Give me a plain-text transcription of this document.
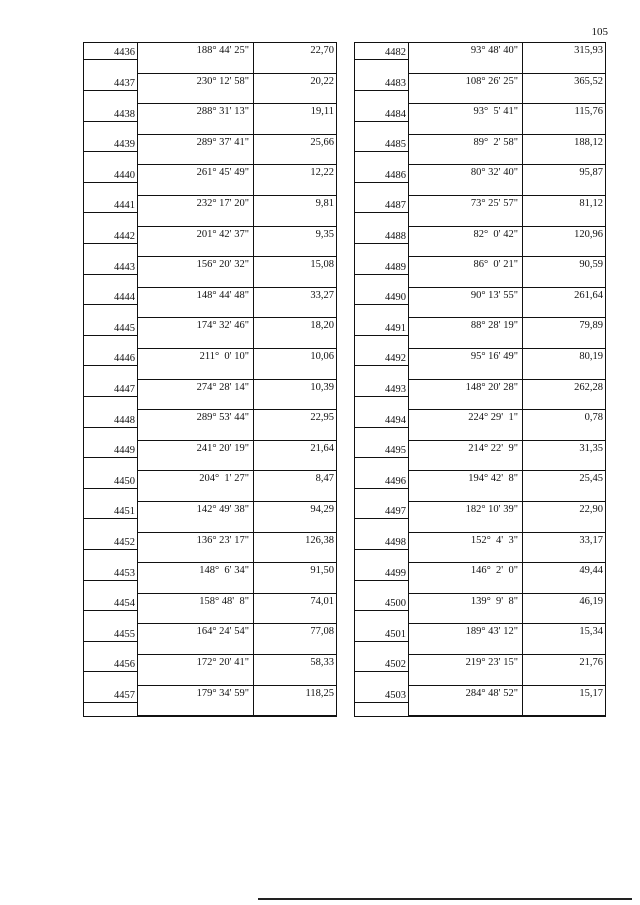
105
4436	188° 44' 25"	22,70
4437	230° 12' 58"	20,22
4438	288° 31' 13"	19,11
4439	289° 37' 41"	25,66
4440	261° 45' 49"	12,22
4441	232° 17' 20"	9,81
4442	201° 42' 37"	9,35
4443	156° 20' 32"	15,08
4444	148° 44' 48"	33,27
4445	174° 32' 46"	18,20
4446	211°  0' 10"	10,06
4447	274° 28' 14"	10,39
4448	289° 53' 44"	22,95
4449	241° 20' 19"	21,64
4450	204°  1' 27"	8,47
4451	142° 49' 38"	94,29
4452	136° 23' 17"	126,38
4453	148°  6' 34"	91,50
4454	158° 48'  8"	74,01
4455	164° 24' 54"	77,08
4456	172° 20' 41"	58,33
4457	179° 34' 59"	118,25
4482	93° 48' 40"	315,93
4483	108° 26' 25"	365,52
4484	93°  5' 41"	115,76
4485	89°  2' 58"	188,12
4486	80° 32' 40"	95,87
4487	73° 25' 57"	81,12
4488	82°  0' 42"	120,96
4489	86°  0' 21"	90,59
4490	90° 13' 55"	261,64
4491	88° 28' 19"	79,89
4492	95° 16' 49"	80,19
4493	148° 20' 28"	262,28
4494	224° 29'  1"	0,78
4495	214° 22'  9"	31,35
4496	194° 42'  8"	25,45
4497	182° 10' 39"	22,90
4498	152°  4'  3"	33,17
4499	146°  2'  0"	49,44
4500	139°  9'  8"	46,19
4501	189° 43' 12"	15,34
4502	219° 23' 15"	21,76
4503	284° 48' 52"	15,17
